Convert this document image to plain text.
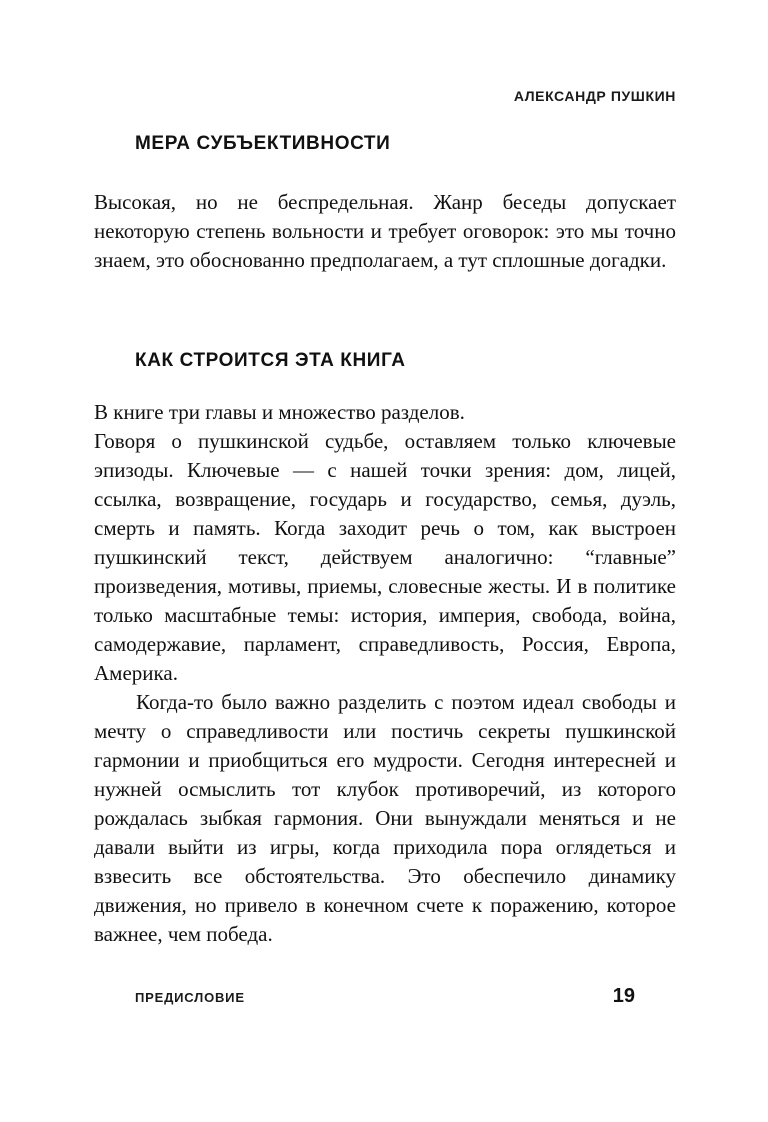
АЛЕКСАНДР ПУШКИН
МЕРА СУБЪЕКТИВНОСТИ

Высокая, но не беспредельная. Жанр беседы допускает некоторую степень вольности и требует оговорок: это мы точно знаем, это обоснованно предполагаем, а тут сплошные догадки.

КАК СТРОИТСЯ ЭТА КНИГА

В книге три главы и множество разделов.

Говоря о пушкинской судьбе, оставляем только ключевые эпизоды. Ключевые — с нашей точки зрения: дом, лицей, ссылка, возвращение, государь и государство, семья, дуэль, смерть и память. Когда заходит речь о том, как выстроен пушкинский текст, действуем аналогично: “главные” произведения, мотивы, приемы, словесные жесты. И в политике только масштабные темы: история, империя, свобода, война, самодержавие, парламент, справедливость, Россия, Европа, Америка.

Когда-то было важно разделить с поэтом идеал свободы и мечту о справедливости или постичь секреты пушкинской гармонии и приобщиться его мудрости. Сегодня интересней и нужней осмыслить тот клубок противоречий, из которого рождалась зыбкая гармония. Они вынуждали меняться и не давали выйти из игры, когда приходила пора оглядеться и взвесить все обстоятельства. Это обеспечило динамику движения, но привело в конечном счете к поражению, которое важнее, чем победа.

ПРЕДИСЛОВИЕ	19
